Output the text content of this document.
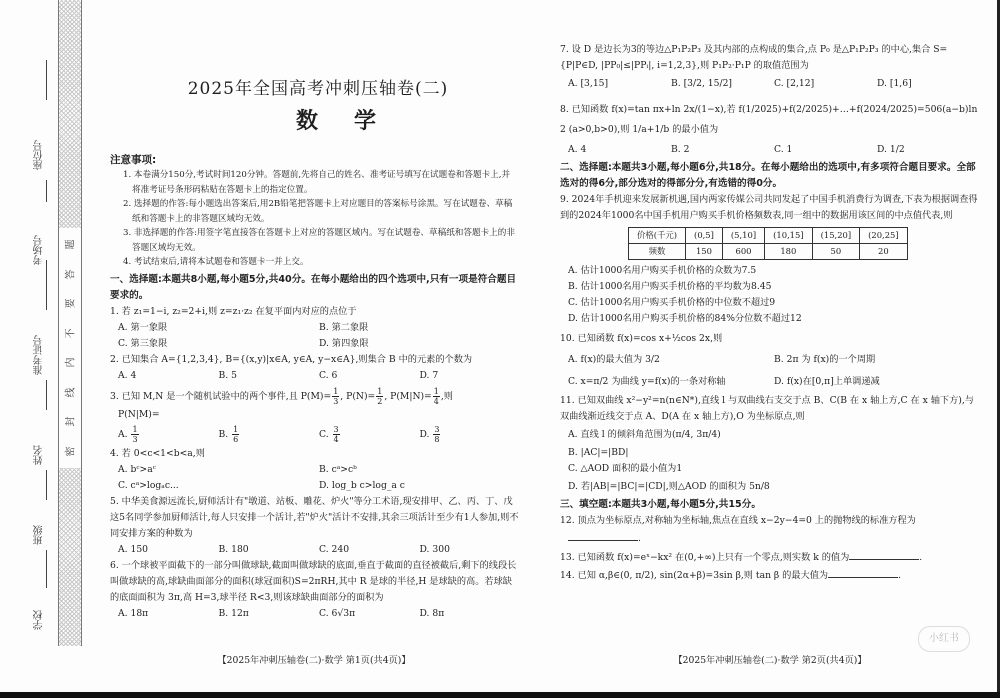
座位号
考场号
准考证号
姓名
班级
学校
题
答
要
不
内
线
封
密
2025年全国高考冲刺压轴卷(二)
数学
注意事项:

1. 本卷满分150分,考试时间120分钟。答题前,先将自己的姓名、准考证号填写在试题卷和答题卡上,并将准考证号条形码粘贴在答题卡上的指定位置。

2. 选择题的作答:每小题选出答案后,用2B铅笔把答题卡上对应题目的答案标号涂黑。写在试题卷、草稿纸和答题卡上的非答题区域均无效。

3. 非选择题的作答:用签字笔直接答在答题卡上对应的答题区域内。写在试题卷、草稿纸和答题卡上的非答题区域均无效。

4. 考试结束后,请将本试题卷和答题卡一并上交。

一、选择题:本题共8小题,每小题5分,共40分。在每小题给出的四个选项中,只有一项是符合题目要求的。
1. 若 z₁=1−i, z₂=2+i,则 z=z₁·z₂ 在复平面内对应的点位于
A. 第一象限	B. 第二象限
C. 第三象限	D. 第四象限
2. 已知集合 A={1,2,3,4}, B={(x,y)|x∈A, y∈A, y−x∈A},则集合 B 中的元素的个数为
A. 4	B. 5	C. 6	D. 7
3. 已知 M,N 是一个随机试验中的两个事件,且 $P(M)= \frac{1}{3}$ , $P(N)= \frac{1}{2}$ , $P(M|N)= \frac{1}{4}$ ,则
P(N|M)=
A. $\frac{1}{3}$	B. $\frac{1}{6}$	C. $\frac{3}{4}$	D. $\frac{3}{8}$
4. 若 0<c<1<b<a,则
A. bᶜ>aᶜ	B. cᵃ>cᵇ
C. cᵃ>logₐc...	D. log_b c>log_a c
5. 中华美食源远流长,厨师活计有"墩道、站板、雕花、炉火"等分工术语,现安排甲、乙、丙、丁、戊这5名同学参加厨师活计,每人只安排一个活计,若"炉火"活计不安排,其余三项活计至少有1人参加,则不同安排方案的种数为
A. 150	B. 180	C. 240	D. 300
6. 一个球被平面截下的一部分叫做球缺,截面叫做球缺的底面,垂直于截面的直径被截后,剩下的线段长叫做球缺的高,球缺曲面部分的面积(球冠面积)S=2πRH,其中 R 是球的半径,H 是球缺的高。若球缺的底面面积为 3π,高 H=3,球半径 R<3,则该球缺曲面部分的面积为
A. 18π	B. 12π	C. 6√3π	D. 8π
【2025年冲刺压轴卷(二)·数学 第1页(共4页)】
7. 设 D 是边长为3的等边△P₁P₂P₃ 及其内部的点构成的集合,点 P₀ 是△P₁P₂P₃ 的中心,集合 S={P|P∈D, |PP₀|≤|PPᵢ|, i=1,2,3},则 P₁P₂·P₁P 的取值范围为
A. [3,15]	B. [3/2, 15/2]	C. [2,12]	D. [1,6]
8. 已知函数 f(x)=tan πx+ln 2x/(1−x),若 f(1/2025)+f(2/2025)+…+f(2024/2025)=506(a−b)ln 2 (a>0,b>0),则 1/a+1/b 的最小值为
A. 4	B. 2	C. 1	D. 1/2
二、选择题:本题共3小题,每小题6分,共18分。在每小题给出的选项中,有多项符合题目要求。全部选对的得6分,部分选对的得部分分,有选错的得0分。
9. 2024年手机迎来发展新机遇,国内两家传媒公司共同发起了中国手机消费行为调查,下表为根据调查得到的2024年1000名中国手机用户购买手机价格频数表,同一组中的数据用该区间的中点值代表,则
价格(千元)	(0,5]	(5,10]	(10,15]	(15,20]	(20,25]
频数	150	600	180	50	20
A. 估计1000名用户购买手机价格的众数为7.5
B. 估计1000名用户购买手机价格的平均数为8.45
C. 估计1000名用户购买手机价格的中位数不超过9
D. 估计1000名用户购买手机价格的84%分位数不超过12
10. 已知函数 f(x)=cos x+½cos 2x,则
A. f(x)的最大值为 3/2	B. 2π 为 f(x)的一个周期
C. x=π/2 为曲线 y=f(x)的一条对称轴	D. f(x)在[0,π]上单调递减
11. 已知双曲线 x²−y²=n(n∈N*),直线 l 与双曲线右支交于点 B、C(B 在 x 轴上方,C 在 x 轴下方),与双曲线渐近线交于点 A、D(A 在 x 轴上方),O 为坐标原点,则
A. 直线 l 的倾斜角范围为(π/4, 3π/4)
B. |AC|=|BD|
C. △AOD 面积的最小值为1
D. 若|AB|=|BC|=|CD|,则△AOD 的面积为 5n/8
三、填空题:本题共3小题,每小题5分,共15分。
12. 顶点为坐标原点,对称轴为坐标轴,焦点在直线 x−2y−4=0 上的抛物线的标准方程为
.
13. 已知函数 f(x)=eˣ−kx² 在(0,+∞)上只有一个零点,则实数 k 的值为	.
14. 已知 α,β∈(0, π/2), sin(2α+β)=3sin β,则 tan β 的最大值为	.
【2025年冲刺压轴卷(二)·数学 第2页(共4页)】
小红书
